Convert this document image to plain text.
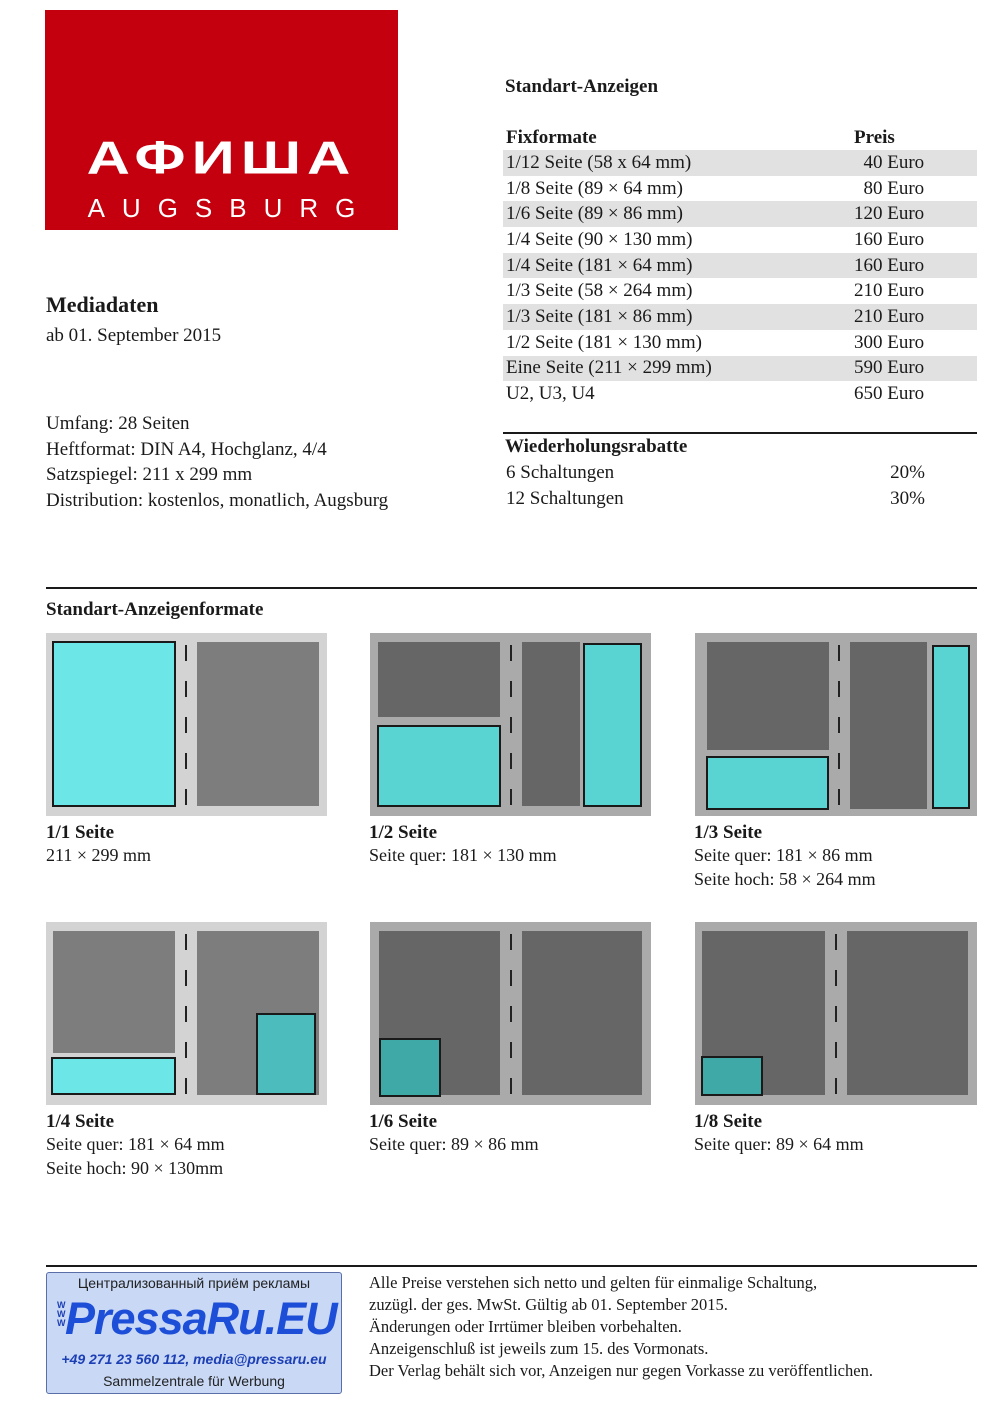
АФИША
AUGSBURG
Mediadaten
ab 01. September 2015
Umfang: 28 Seiten
Heftformat: DIN A4, Hochglanz, 4/4
Satzspiegel: 211 x 299 mm
Distribution: kostenlos, monatlich, Augsburg
Standart-Anzeigen
Fixformate	Preis
1/12 Seite (58 x 64 mm)	40 Euro
1/8 Seite (89 × 64 mm)	80 Euro
1/6 Seite (89 × 86 mm)	120 Euro
1/4 Seite (90 × 130 mm)	160 Euro
1/4 Seite (181 × 64 mm)	160 Euro
1/3 Seite (58 × 264 mm)	210 Euro
1/3 Seite (181 × 86 mm)	210 Euro
1/2 Seite (181 × 130 mm)	300 Euro
Eine Seite (211 × 299 mm)	590 Euro
U2, U3, U4	650 Euro
Wiederholungsrabatte
6 Schaltungen	20%
12 Schaltungen	30%
Standart-Anzeigenformate
1/1 Seite
211 × 299 mm
1/2 Seite
Seite quer: 181 × 130 mm
1/3 Seite
Seite quer: 181 × 86 mm
Seite hoch: 58 × 264 mm
1/4 Seite
Seite quer: 181 × 64 mm
Seite hoch: 90 × 130mm
1/6 Seite
Seite quer: 89 × 86 mm
1/8 Seite
Seite quer: 89 × 64 mm
Централизованный приём рекламы
WWW PressaRu.EU
+49 271 23 560 112, media@pressaru.eu
Sammelzentrale für Werbung
Alle Preise verstehen sich netto und gelten für einmalige Schaltung,
zuzügl. der ges. MwSt. Gültig ab 01. September 2015.
Änderungen oder Irrtümer bleiben vorbehalten.
Anzeigenschluß ist jeweils zum 15. des Vormonats.
Der Verlag behält sich vor, Anzeigen nur gegen Vorkasse zu veröffentlichen.
